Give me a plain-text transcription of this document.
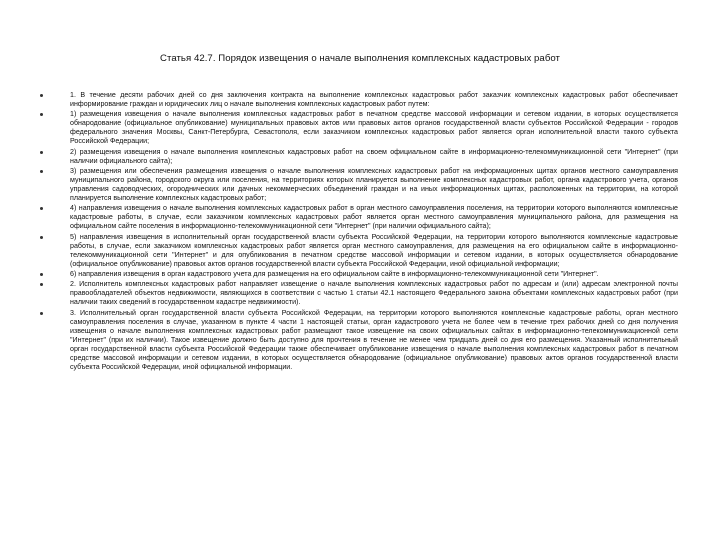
Статья 42.7. Порядок извещения о начале выполнения комплексных кадастровых работ
1. В течение десяти рабочих дней со дня заключения контракта на выполнение комплексных кадастровых работ заказчик комплексных кадастровых работ обеспечивает информирование граждан и юридических лиц о начале выполнения комплексных кадастровых работ путем:
1) размещения извещения о начале выполнения комплексных кадастровых работ в печатном средстве массовой информации и сетевом издании, в которых осуществляется обнародование (официальное опубликование) муниципальных правовых актов или правовых актов органов государственной власти субъектов Российской Федерации - городов федерального значения Москвы, Санкт-Петербурга, Севастополя, если заказчиком комплексных кадастровых работ является орган исполнительной власти такого субъекта Российской Федерации;
2) размещения извещения о начале выполнения комплексных кадастровых работ на своем официальном сайте в информационно-телекоммуникационной сети "Интернет" (при наличии официального сайта);
3) размещения или обеспечения размещения извещения о начале выполнения комплексных кадастровых работ на информационных щитах органов местного самоуправления муниципального района, городского округа или поселения, на территориях которых планируется выполнение комплексных кадастровых работ, органа кадастрового учета, органов управления садоводческих, огороднических или дачных некоммерческих объединений граждан и на иных информационных щитах, расположенных на территории, на которой планируется выполнение комплексных кадастровых работ;
4) направления извещения о начале выполнения комплексных кадастровых работ в орган местного самоуправления поселения, на территории которого выполняются комплексные кадастровые работы, в случае, если заказчиком комплексных кадастровых работ является орган местного самоуправления муниципального района, для размещения на официальном сайте поселения в информационно-телекоммуникационной сети "Интернет" (при наличии официального сайта);
5) направления извещения в исполнительный орган государственной власти субъекта Российской Федерации, на территории которого выполняются комплексные кадастровые работы, в случае, если заказчиком комплексных кадастровых работ является орган местного самоуправления, для размещения на его официальном сайте в информационно-телекоммуникационной сети "Интернет" и для опубликования в печатном средстве массовой информации и сетевом издании, в которых осуществляется обнародование (официальное опубликование) правовых актов органов государственной власти субъекта Российской Федерации, иной официальной информации;
6) направления извещения в орган кадастрового учета для размещения на его официальном сайте в информационно-телекоммуникационной сети "Интернет".
2. Исполнитель комплексных кадастровых работ направляет извещение о начале выполнения комплексных кадастровых работ по адресам и (или) адресам электронной почты правообладателей объектов недвижимости, являющихся в соответствии с частью 1 статьи 42.1 настоящего Федерального закона объектами комплексных кадастровых работ (при наличии таких сведений в государственном кадастре недвижимости).
3. Исполнительный орган государственной власти субъекта Российской Федерации, на территории которого выполняются комплексные кадастровые работы, орган местного самоуправления поселения в случае, указанном в пункте 4 части 1 настоящей статьи, орган кадастрового учета не более чем в течение трех рабочих дней со дня получения извещения о начале выполнения комплексных кадастровых работ размещают такое извещение на своих официальных сайтах в информационно-телекоммуникационной сети "Интернет" (при их наличии). Такое извещение должно быть доступно для прочтения в течение не менее чем тридцать дней со дня его размещения. Указанный исполнительный орган государственной власти субъекта Российской Федерации также обеспечивает опубликование извещения о начале выполнения комплексных кадастровых работ в печатном средстве массовой информации и сетевом издании, в которых осуществляется обнародование (официальное опубликование) правовых актов органов государственной власти субъекта Российской Федерации, иной официальной информации.
